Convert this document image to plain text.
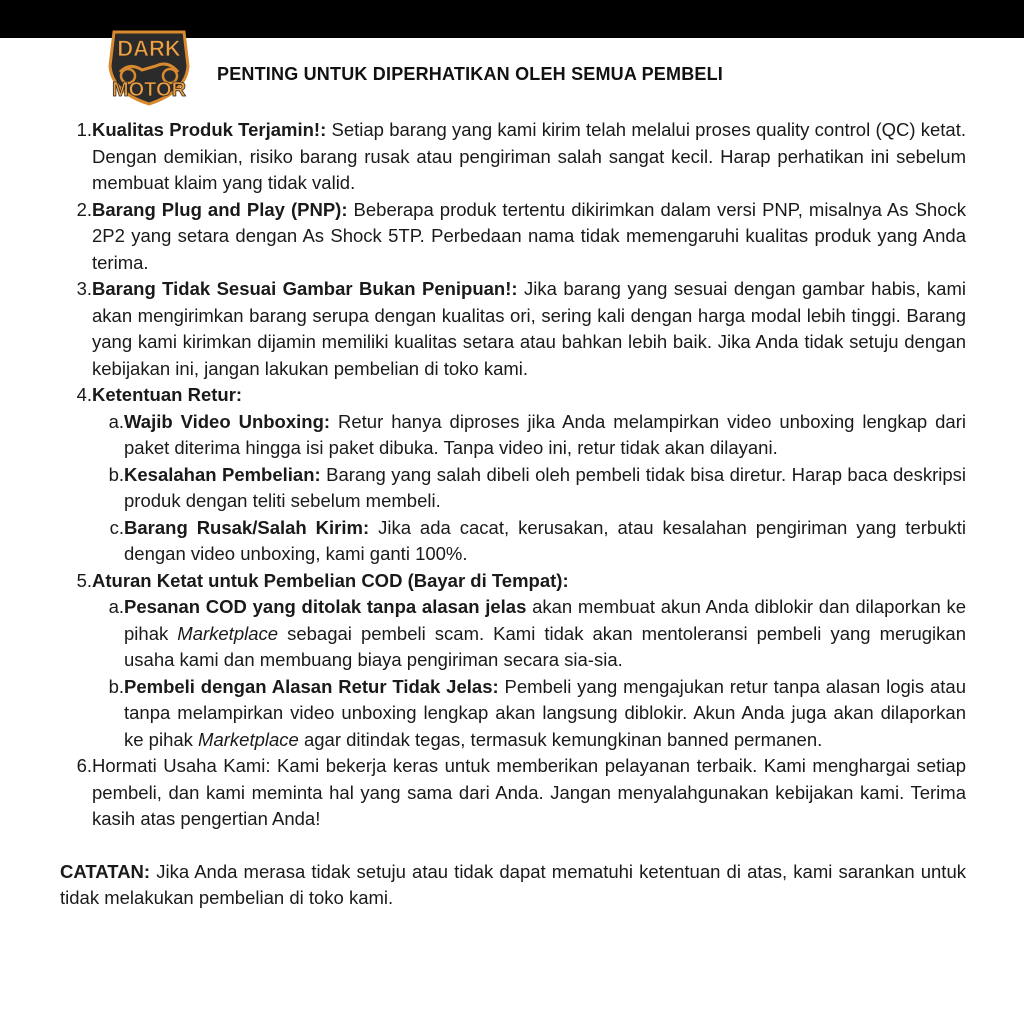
DARK
MOTOR
PENTING UNTUK DIPERHATIKAN OLEH SEMUA PEMBELI
1. Kualitas Produk Terjamin!: Setiap barang yang kami kirim telah melalui proses quality control (QC) ketat. Dengan demikian, risiko barang rusak atau pengiriman salah sangat kecil. Harap perhatikan ini sebelum membuat klaim yang tidak valid.
2. Barang Plug and Play (PNP): Beberapa produk tertentu dikirimkan dalam versi PNP, misalnya As Shock 2P2 yang setara dengan As Shock 5TP. Perbedaan nama tidak memengaruhi kualitas produk yang Anda terima.
3. Barang Tidak Sesuai Gambar Bukan Penipuan!: Jika barang yang sesuai dengan gambar habis, kami akan mengirimkan barang serupa dengan kualitas ori, sering kali dengan harga modal lebih tinggi. Barang yang kami kirimkan dijamin memiliki kualitas setara atau bahkan lebih baik. Jika Anda tidak setuju dengan kebijakan ini, jangan lakukan pembelian di toko kami.
4. Ketentuan Retur:
a. Wajib Video Unboxing: Retur hanya diproses jika Anda melampirkan video unboxing lengkap dari paket diterima hingga isi paket dibuka. Tanpa video ini, retur tidak akan dilayani.
b. Kesalahan Pembelian: Barang yang salah dibeli oleh pembeli tidak bisa diretur. Harap baca deskripsi produk dengan teliti sebelum membeli.
c. Barang Rusak/Salah Kirim: Jika ada cacat, kerusakan, atau kesalahan pengiriman yang terbukti dengan video unboxing, kami ganti 100%.
5. Aturan Ketat untuk Pembelian COD (Bayar di Tempat):
a. Pesanan COD yang ditolak tanpa alasan jelas akan membuat akun Anda diblokir dan dilaporkan ke pihak Marketplace sebagai pembeli scam. Kami tidak akan mentoleransi pembeli yang merugikan usaha kami dan membuang biaya pengiriman secara sia-sia.
b. Pembeli dengan Alasan Retur Tidak Jelas: Pembeli yang mengajukan retur tanpa alasan logis atau tanpa melampirkan video unboxing lengkap akan langsung diblokir. Akun Anda juga akan dilaporkan ke pihak Marketplace agar ditindak tegas, termasuk kemungkinan banned permanen.
6. Hormati Usaha Kami: Kami bekerja keras untuk memberikan pelayanan terbaik. Kami menghargai setiap pembeli, dan kami meminta hal yang sama dari Anda. Jangan menyalahgunakan kebijakan kami. Terima kasih atas pengertian Anda!

CATATAN: Jika Anda merasa tidak setuju atau tidak dapat mematuhi ketentuan di atas, kami sarankan untuk tidak melakukan pembelian di toko kami.
